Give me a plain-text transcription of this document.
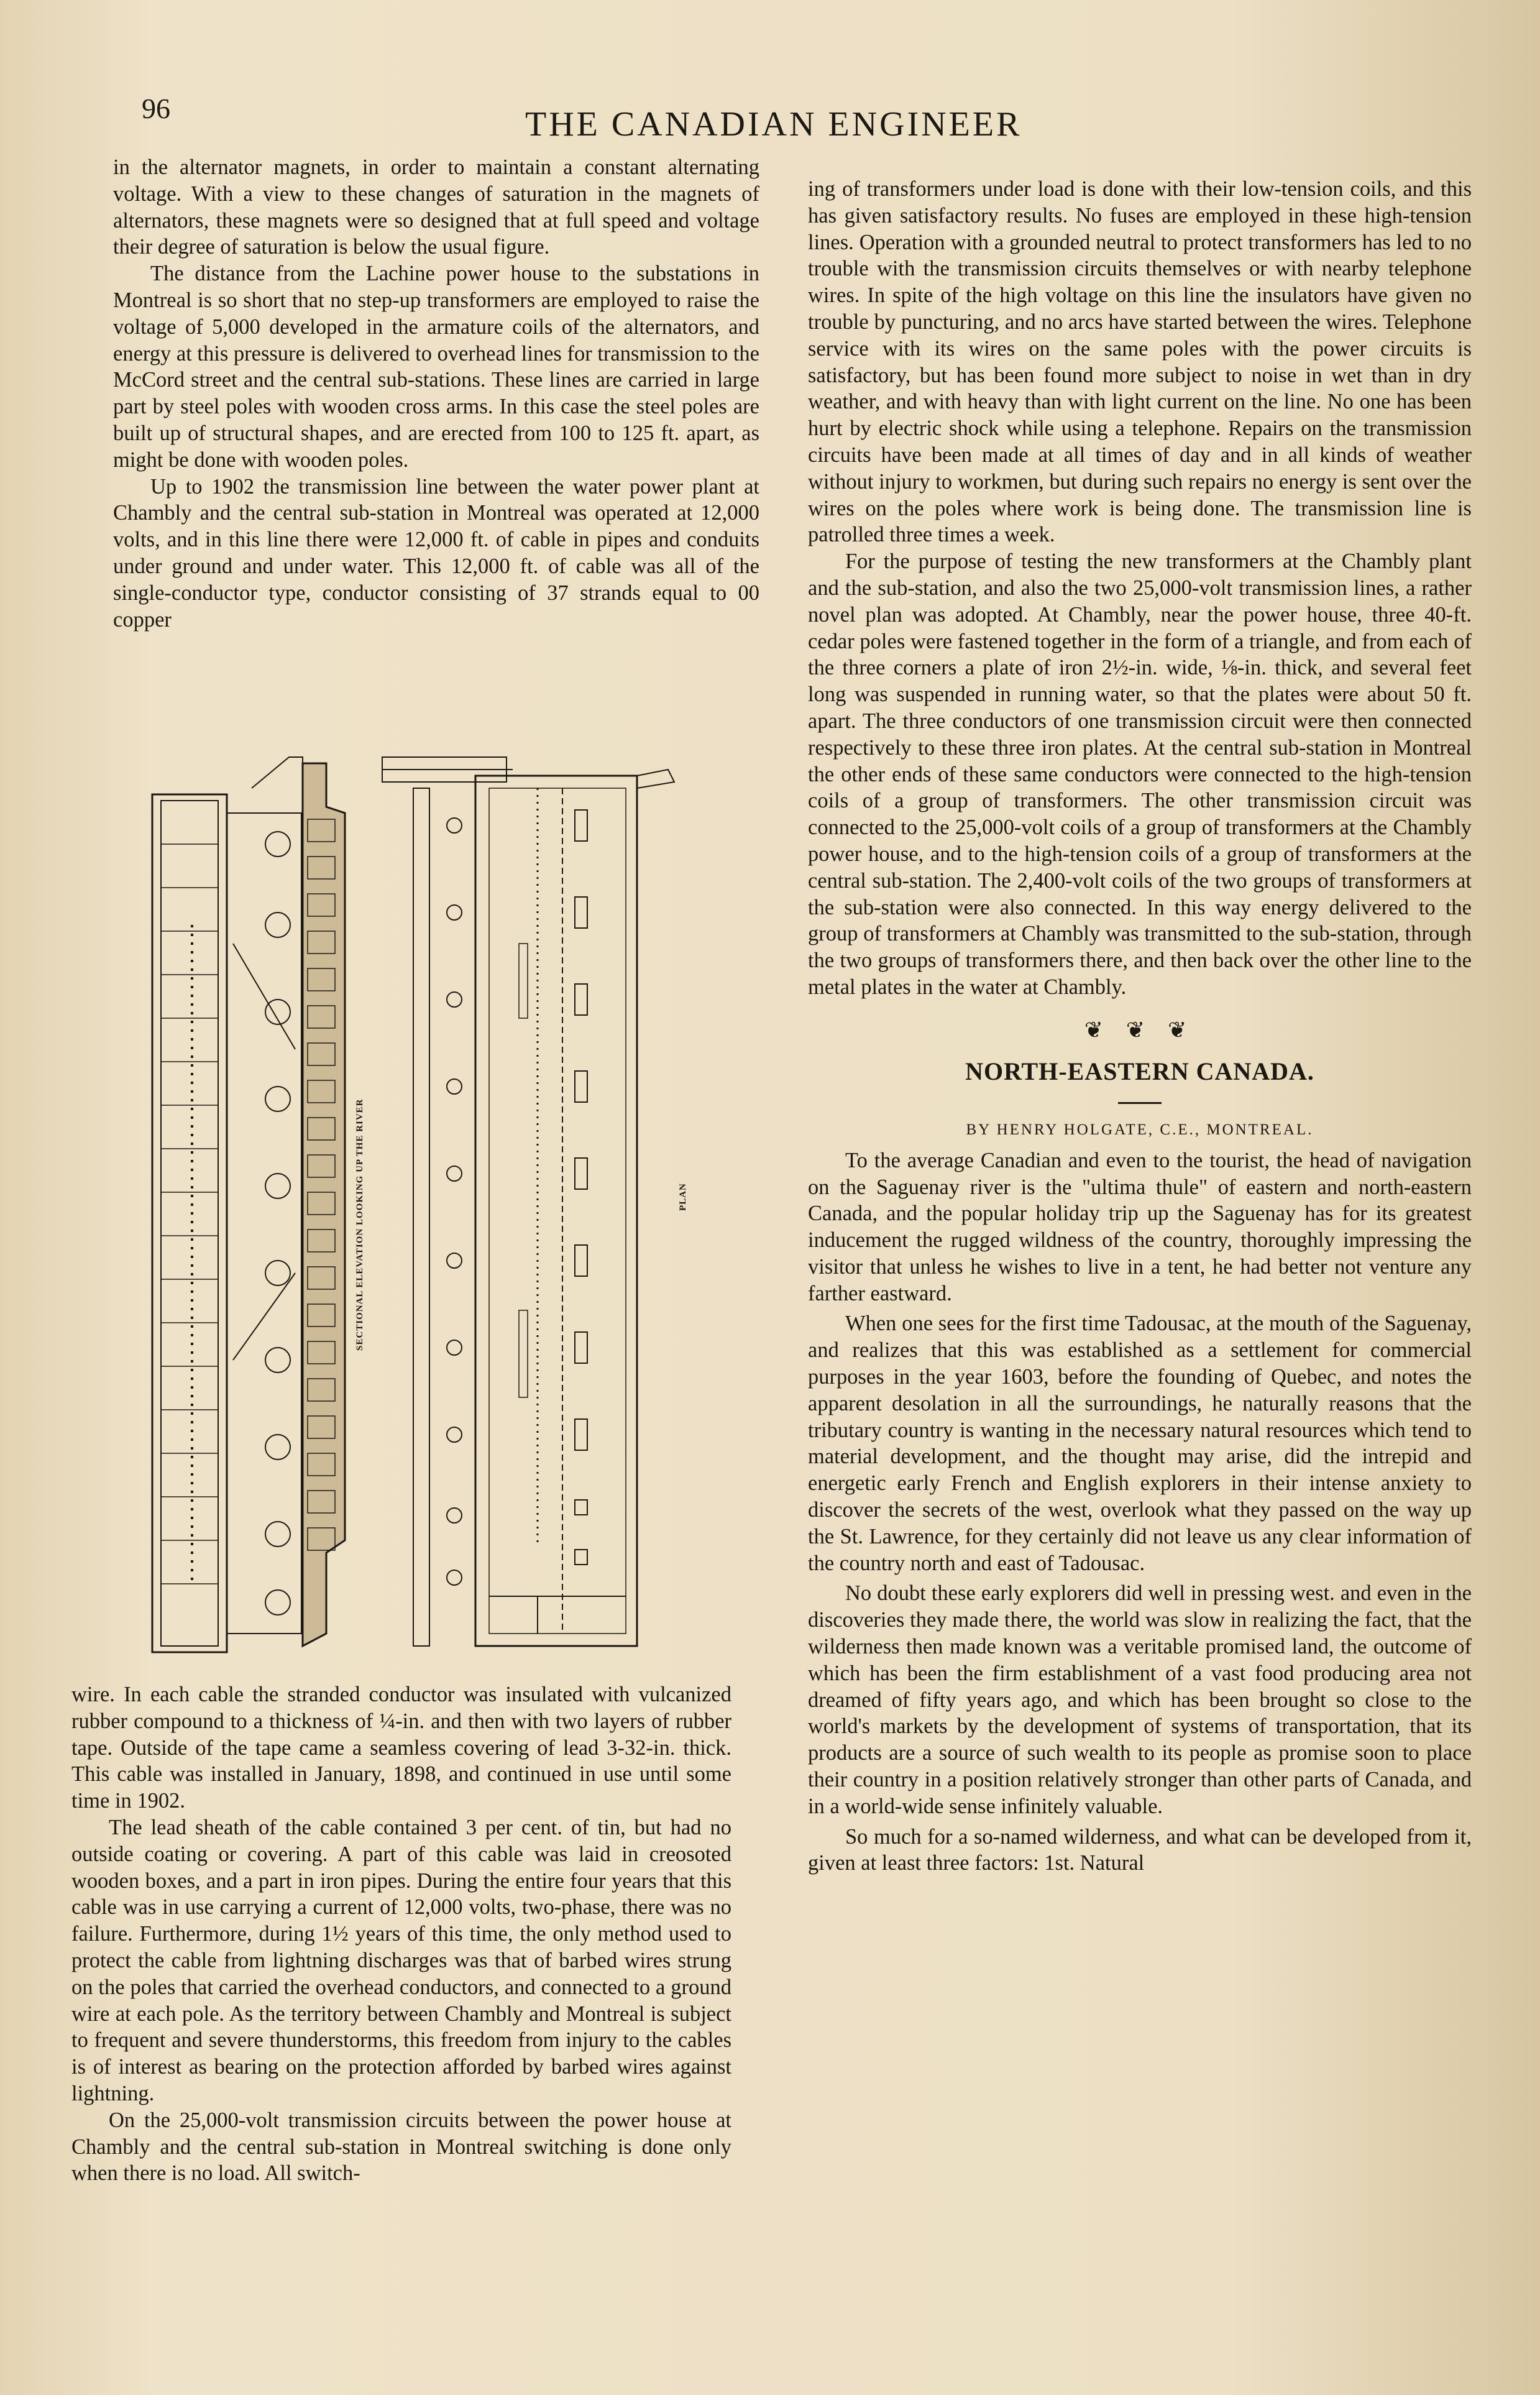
96	THE CANADIAN ENGINEER

in the alternator magnets, in order to maintain a constant alternating voltage. With a view to these changes of saturation in the magnets of alternators, these magnets were so designed that at full speed and voltage their degree of saturation is below the usual figure.

The distance from the Lachine power house to the substations in Montreal is so short that no step-up transformers are employed to raise the voltage of 5,000 developed in the armature coils of the alternators, and energy at this pressure is delivered to overhead lines for transmission to the McCord street and the central sub-stations. These lines are carried in large part by steel poles with wooden cross arms. In this case the steel poles are built up of structural shapes, and are erected from 100 to 125 ft. apart, as might be done with wooden poles.

Up to 1902 the transmission line between the water power plant at Chambly and the central sub-station in Montreal was operated at 12,000 volts, and in this line there were 12,000 ft. of cable in pipes and conduits under ground and under water. This 12,000 ft. of cable was all of the single-conductor type, conductor consisting of 37 strands equal to 00 copper

SECTIONAL ELEVATION LOOKING UP THE RIVER	PLAN

wire. In each cable the stranded conductor was insulated with vulcanized rubber compound to a thickness of ¼-in. and then with two layers of rubber tape. Outside of the tape came a seamless covering of lead 3-32-in. thick. This cable was installed in January, 1898, and continued in use until some time in 1902.

The lead sheath of the cable contained 3 per cent. of tin, but had no outside coating or covering. A part of this cable was laid in creosoted wooden boxes, and a part in iron pipes. During the entire four years that this cable was in use carrying a current of 12,000 volts, two-phase, there was no failure. Furthermore, during 1½ years of this time, the only method used to protect the cable from lightning discharges was that of barbed wires strung on the poles that carried the overhead conductors, and connected to a ground wire at each pole. As the territory between Chambly and Montreal is subject to frequent and severe thunderstorms, this freedom from injury to the cables is of interest as bearing on the protection afforded by barbed wires against lightning.

On the 25,000-volt transmission circuits between the power house at Chambly and the central sub-station in Montreal switching is done only when there is no load. All switch-

ing of transformers under load is done with their low-tension coils, and this has given satisfactory results. No fuses are employed in these high-tension lines. Operation with a grounded neutral to protect transformers has led to no trouble with the transmission circuits themselves or with nearby telephone wires. In spite of the high voltage on this line the insulators have given no trouble by puncturing, and no arcs have started between the wires. Telephone service with its wires on the same poles with the power circuits is satisfactory, but has been found more subject to noise in wet than in dry weather, and with heavy than with light current on the line. No one has been hurt by electric shock while using a telephone. Repairs on the transmission circuits have been made at all times of day and in all kinds of weather without injury to workmen, but during such repairs no energy is sent over the wires on the poles where work is being done. The transmission line is patrolled three times a week.

For the purpose of testing the new transformers at the Chambly plant and the sub-station, and also the two 25,000-volt transmission lines, a rather novel plan was adopted. At Chambly, near the power house, three 40-ft. cedar poles were fastened together in the form of a triangle, and from each of the three corners a plate of iron 2½-in. wide, ⅛-in. thick, and several feet long was suspended in running water, so that the plates were about 50 ft. apart. The three conductors of one transmission circuit were then connected respectively to these three iron plates. At the central sub-station in Montreal the other ends of these same conductors were connected to the high-tension coils of a group of transformers. The other transmission circuit was connected to the 25,000-volt coils of a group of transformers at the Chambly power house, and to the high-tension coils of a group of transformers at the central sub-station. The 2,400-volt coils of the two groups of transformers at the sub-station were also connected. In this way energy delivered to the group of transformers at Chambly was transmitted to the sub-station, through the two groups of transformers there, and then back over the other line to the metal plates in the water at Chambly.

❦ ❦ ❦
NORTH-EASTERN CANADA.

BY HENRY HOLGATE, C.E., MONTREAL.

To the average Canadian and even to the tourist, the head of navigation on the Saguenay river is the "ultima thule" of eastern and north-eastern Canada, and the popular holiday trip up the Saguenay has for its greatest inducement the rugged wildness of the country, thoroughly impressing the visitor that unless he wishes to live in a tent, he had better not venture any farther eastward.

When one sees for the first time Tadousac, at the mouth of the Saguenay, and realizes that this was established as a settlement for commercial purposes in the year 1603, before the founding of Quebec, and notes the apparent desolation in all the surroundings, he naturally reasons that the tributary country is wanting in the necessary natural resources which tend to material development, and the thought may arise, did the intrepid and energetic early French and English explorers in their intense anxiety to discover the secrets of the west, overlook what they passed on the way up the St. Lawrence, for they certainly did not leave us any clear information of the country north and east of Tadousac.

No doubt these early explorers did well in pressing west. and even in the discoveries they made there, the world was slow in realizing the fact, that the wilderness then made known was a veritable promised land, the outcome of which has been the firm establishment of a vast food producing area not dreamed of fifty years ago, and which has been brought so close to the world's markets by the development of systems of transportation, that its products are a source of such wealth to its people as promise soon to place their country in a position relatively stronger than other parts of Canada, and in a world-wide sense infinitely valuable.

So much for a so-named wilderness, and what can be developed from it, given at least three factors: 1st. Natural
